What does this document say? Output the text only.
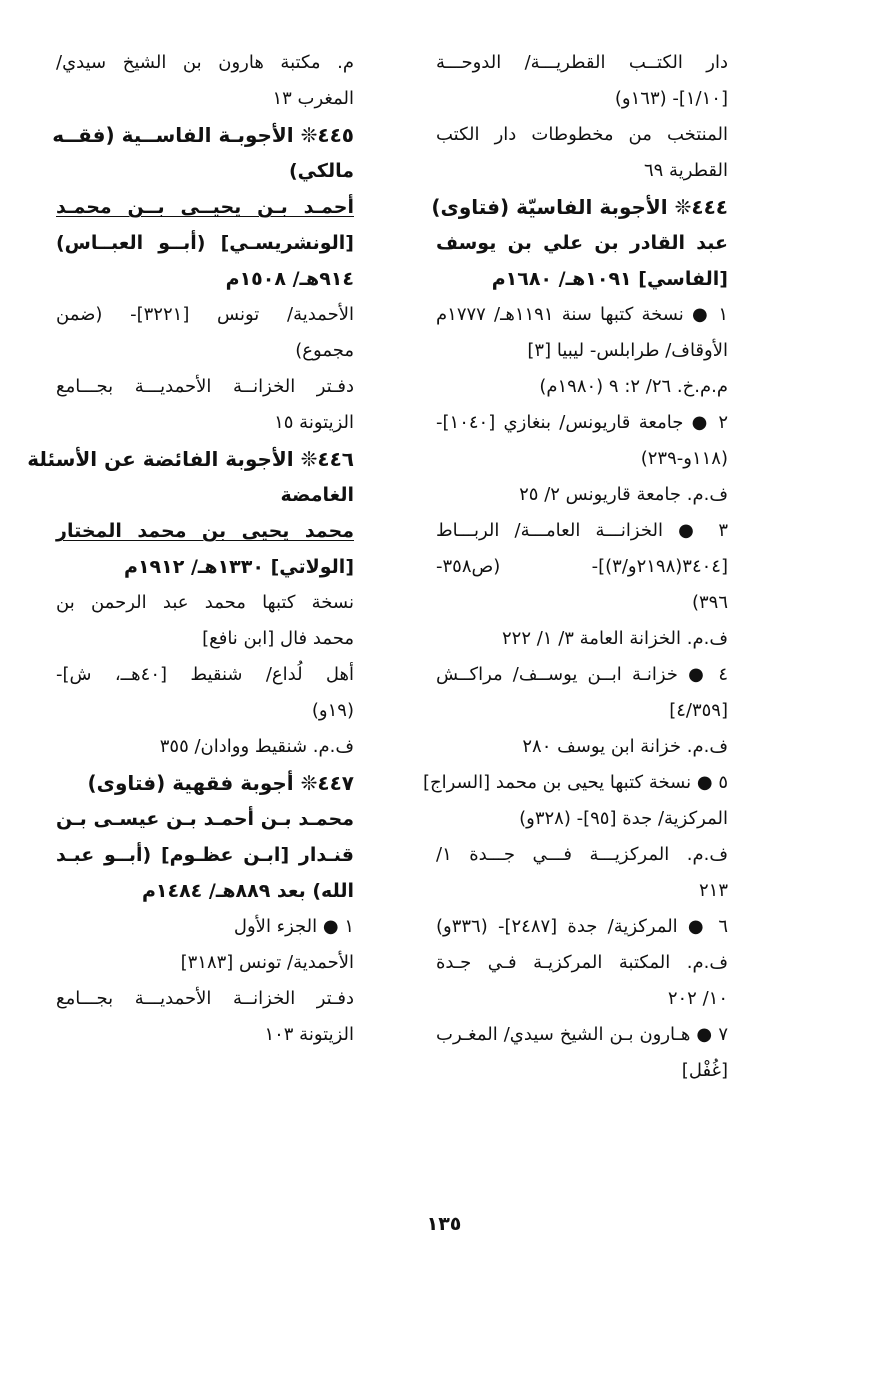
دار الكتــب القطريـــة/ الدوحـــة
[١/١٠]- (١٦٣و)
المنتخب من مخطوطات دار الكتب
القطرية ٦٩
٤٤٤❊ الأجوبة الفاسيّة (فتاوى)
عبد القادر بن علي بن يوسف
[الفاسي] ١٠٩١هـ/ ١٦٨٠م
١ ● نسخة كتبها سنة ١١٩١هـ/ ١٧٧٧م
الأوقاف/ طرابلس- ليبيا [٣]
م.م.خ. ٢٦/ ٢: ٩ (١٩٨٠م)
٢ ● جامعة قاريونس/ بنغازي [١٠٤٠]-
(١١٨و-٢٣٩)
ف.م. جامعة قاريونس ٢/ ٢٥
٣ ● الخزانـــة العامـــة/ الربـــاط
[٣٤٠٤(٢١٩٨و/٣)]- (ص٣٥٨-
٣٩٦)
ف.م. الخزانة العامة ٣/ ١/ ٢٢٢
٤ ● خزانـة ابــن يوســف/ مراكــش
[٤/٣٥٩]
ف.م. خزانة ابن يوسف ٢٨٠
٥ ● نسخة كتبها يحيى بن محمد [السراج]
المركزية/ جدة [٩٥]- (٣٢٨و)
ف.م. المركزيـــة فـــي جـــدة ١/
٢١٣
٦ ● المركزية/ جدة [٢٤٨٧]- (٣٣٦و)
ف.م. المكتبة المركزيـة فـي جـدة
١٠/ ٢٠٢
٧ ● هـارون بـن الشيخ سيدي/ المغـرب
[غُفْل]
م. مكتبة هارون بن الشيخ سيدي/
المغرب ١٣
٤٤٥❊ الأجوبـة الفاســية (فقــه
مالكي)
أحمـد بـن يحيــى بــن محمـد
[الونشريسـي] (أبــو العبــاس)
٩١٤هـ/ ١٥٠٨م
الأحمدية/ تونس [٣٢٢١]- (ضمن
مجموع)
دفـتر الخزانــة الأحمديـــة بجـــامع
الزيتونة ١٥
٤٤٦❊ الأجوبة الفائضة عن الأسئلة
الغامضة
محمد يحيى بن محمد المختار
[الولاتي] ١٣٣٠هـ/ ١٩١٢م
نسخة كتبها محمد عبد الرحمن بن
محمد فال [ابن نافع]
أهل لُداع/ شنقيط [٤٠هــ، ش]-
(١٩و)
ف.م. شنقيط ووادان/ ٣٥٥
٤٤٧❊ أجوبة فقهية (فتاوى)
محمـد بـن أحمـد بـن عيسـى بـن
قنـدار [ابـن عظـوم] (أبــو عبـد
الله) بعد ٨٨٩هـ/ ١٤٨٤م
١ ● الجزء الأول
الأحمدية/ تونس [٣١٨٣]
دفـتر الخزانــة الأحمديـــة بجـــامع
الزيتونة ١٠٣
١٣٥
